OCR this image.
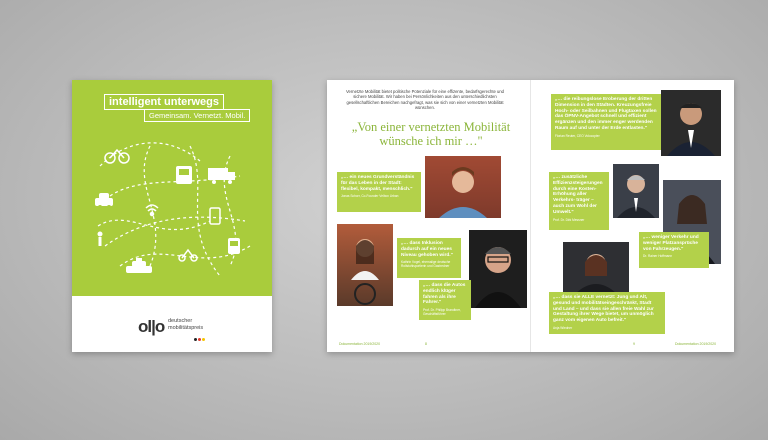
intelligent unterwegs
Gemeinsam. Vernetzt. Mobil.
ol|o deutscher mobilitätspreis
Vernetzte Mobilität bietet politische Potenziale für eine effizente, bedarfsgerechte und sichere Mobilität. Wir haben bei Persönlichkeiten aus den unterschiedlichsten gesellschaftlichen Bereichen nachgefragt, was sie sich von einer vernetzten Mobilität wünschen.
„Von einer vernetzten Mobilität wünsche ich mir …"
„… ein neues Grundverständnis für das Leben in der Stadt: flexibel, kompakt, menschlich."
Jonas Schorr, Co-Founder Velbox Urban
„… dass Inklusion dadurch auf ein neues Niveau gehoben wird."
Kathrin Vogel, ehemalige deutsche Rollstuhlsportlerin und Gastredner
„… dass die Autos endlich klüger fahren als ihre Fahrer."
Prof. Dr. Philipp Brandtner, Geschäftsführer
„… die reibungslose Eroberung der dritten Dimension in den Städten. Kreuzungsfreie Hoch- oder Seilbahnen und Flugtaxen sollen das ÖPNV-Angebot schnell und effizient ergänzen und den immer enger werdenden Raum auf und unter der Erde entlasten."
Florian Reuter, CEO Volocopter
„… zusätzliche Effizienzsteigerungen durch eine Kosten- Erhöhung aller Verkehrs- träger – auch zum Wohl der Umwelt."
Prof. Dr. Dirk Messner
„… weniger Verkehr und weniger Platzansprüche von Fahrzeugen."
Dr. Rainer Hoffmann
„… dass sie ALLE vernetzt: Jung und Alt, gesund und mobilitätseingeschränkt, Stadt und Land – und dass sie allen freie Wahl zur Gestaltung ihrer Wege bietet, um unmöglich ganz vom eigenen Auto befreit."
Anja Wiedner
Dokumentation 2019/2020	8	9	Dokumentation 2019/2020
